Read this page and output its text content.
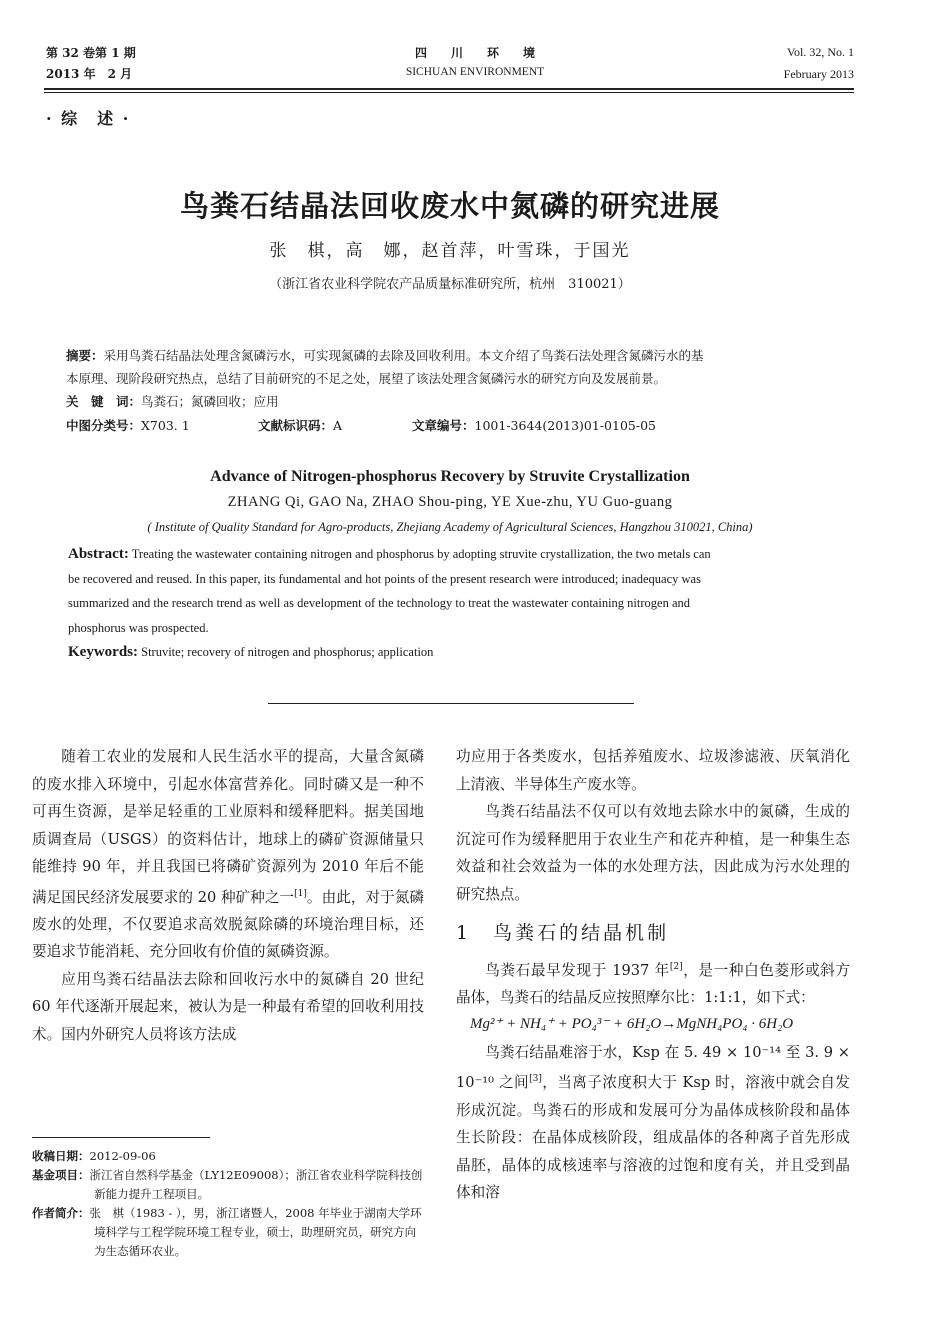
第 32 卷第 1 期
2013 年　2 月
四　　川　　环　　境
SICHUAN ENVIRONMENT
Vol. 32, No. 1
February 2013
· 综　述 ·
鸟粪石结晶法回收废水中氮磷的研究进展
张　棋，高　娜，赵首萍，叶雪珠，于国光
（浙江省农业科学院农产品质量标准研究所，杭州　310021）
摘要：采用鸟粪石结晶法处理含氮磷污水，可实现氮磷的去除及回收利用。本文介绍了鸟粪石法处理含氮磷污水的基
本原理、现阶段研究热点，总结了目前研究的不足之处，展望了该法处理含氮磷污水的研究方向及发展前景。
关　键　词：鸟粪石；氮磷回收；应用
中图分类号：X703. 1	文献标识码：A	文章编号：1001-3644(2013)01-0105-05
Advance of Nitrogen-phosphorus Recovery by Struvite Crystallization
ZHANG Qi, GAO Na, ZHAO Shou-ping, YE Xue-zhu, YU Guo-guang
( Institute of Quality Standard for Agro-products, Zhejiang Academy of Agricultural Sciences, Hangzhou 310021, China)
Abstract: Treating the wastewater containing nitrogen and phosphorus by adopting struvite crystallization, the two metals can
be recovered and reused. In this paper, its fundamental and hot points of the present research were introduced; inadequacy was
summarized and the research trend as well as development of the technology to treat the wastewater containing nitrogen and
phosphorus was prospected.
Keywords: Struvite; recovery of nitrogen and phosphorus; application

随着工农业的发展和人民生活水平的提高，大量含氮磷的废水排入环境中，引起水体富营养化。同时磷又是一种不可再生资源，是举足轻重的工业原料和缓释肥料。据美国地质调查局（USGS）的资料估计，地球上的磷矿资源储量只能维持 90 年，并且我国已将磷矿资源列为 2010 年后不能满足国民经济发展要求的 20 种矿种之一[1]。由此，对于氮磷废水的处理，不仅要追求高效脱氮除磷的环境治理目标，还要追求节能消耗、充分回收有价值的氮磷资源。

应用鸟粪石结晶法去除和回收污水中的氮磷自 20 世纪 60 年代逐渐开展起来，被认为是一种最有希望的回收利用技术。国内外研究人员将该方法成

收稿日期：2012-09-06
基金项目：浙江省自然科学基金（LY12E09008）；浙江省农业科学院科技创新能力提升工程项目。
作者简介：张　棋（1983 - ），男，浙江诸暨人，2008 年毕业于湖南大学环境科学与工程学院环境工程专业，硕士，助理研究员，研究方向为生态循环农业。

功应用于各类废水，包括养殖废水、垃圾渗滤液、厌氧消化上清液、半导体生产废水等。

鸟粪石结晶法不仅可以有效地去除水中的氮磷，生成的沉淀可作为缓释肥用于农业生产和花卉种植，是一种集生态效益和社会效益为一体的水处理方法，因此成为污水处理的研究热点。

1 鸟粪石的结晶机制

鸟粪石最早发现于 1937 年[2]，是一种白色菱形或斜方晶体，鸟粪石的结晶反应按照摩尔比：1:1:1，如下式：

Mg²⁺ + NH₄⁺ + PO₄³⁻ + 6H₂O→MgNH₄PO₄ · 6H₂O

鸟粪石结晶难溶于水，Ksp 在 5. 49 × 10⁻¹⁴ 至 3. 9 × 10⁻¹⁰ 之间[3]，当离子浓度积大于 Ksp 时，溶液中就会自发形成沉淀。鸟粪石的形成和发展可分为晶体成核阶段和晶体生长阶段：在晶体成核阶段，组成晶体的各种离子首先形成晶胚，晶体的成核速率与溶液的过饱和度有关，并且受到晶体和溶
